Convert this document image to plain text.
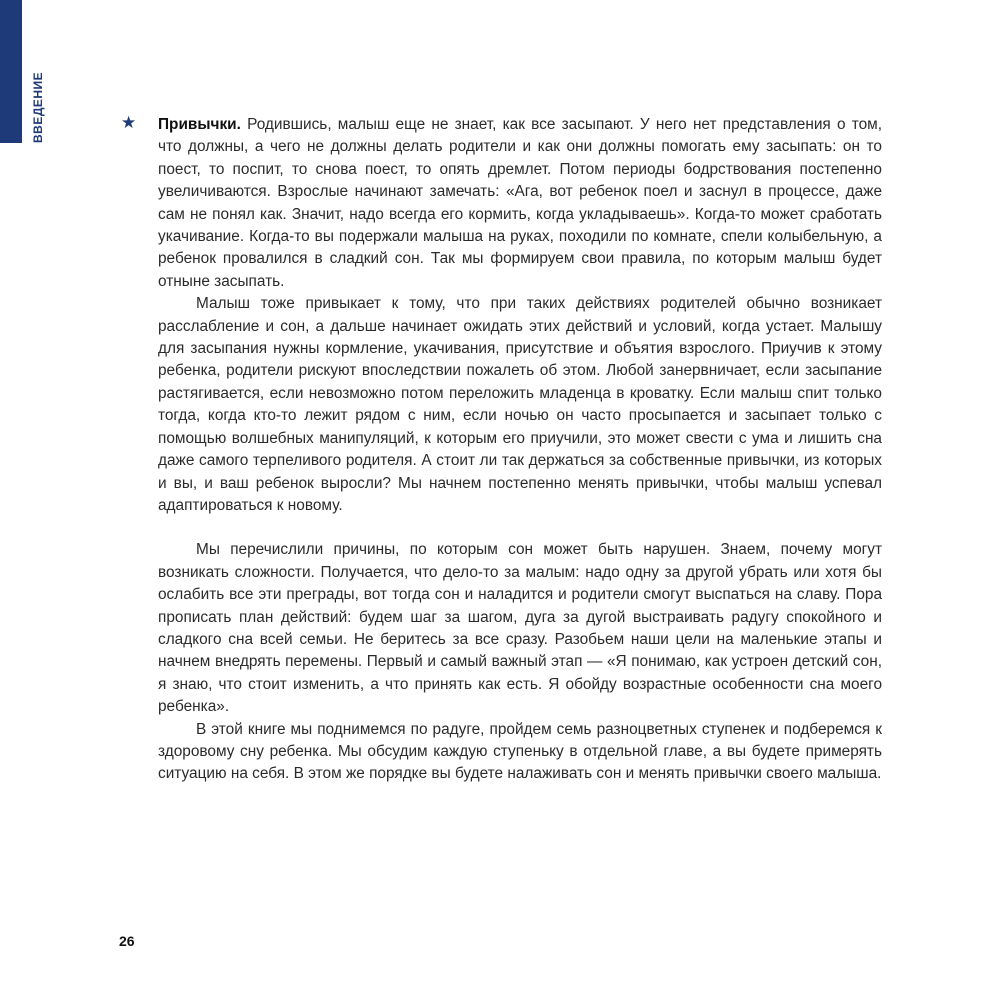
ВВЕДЕНИЕ	★ Привычки. Родившись, малыш еще не знает, как все засыпают. У него нет представления о том, что должны, а чего не должны делать родители и как они должны помогать ему засыпать: он то поест, то поспит, то снова поест, то опять дремлет. Потом периоды бодрствования постепенно увеличиваются. Взрослые начинают замечать: «Ага, вот ребенок поел и заснул в процессе, даже сам не понял как. Значит, надо всегда его кормить, когда укладываешь». Когда-то может сработать укачивание. Когда-то вы подержали малыша на руках, походили по комнате, спели колыбельную, а ребенок провалился в сладкий сон. Так мы формируем свои правила, по которым малыш будет отныне засыпать.

Малыш тоже привыкает к тому, что при таких действиях родителей обычно возникает расслабление и сон, а дальше начинает ожидать этих действий и условий, когда устает. Малышу для засыпания нужны кормление, укачивания, присутствие и объятия взрослого. Приучив к этому ребенка, родители рискуют впоследствии пожалеть об этом. Любой занервничает, если засыпание растягивается, если невозможно потом переложить младенца в кроватку. Если малыш спит только тогда, когда кто-то лежит рядом с ним, если ночью он часто просыпается и засыпает только с помощью волшебных манипуляций, к которым его приучили, это может свести с ума и лишить сна даже самого терпеливого родителя. А стоит ли так держаться за собственные привычки, из которых и вы, и ваш ребенок выросли? Мы начнем постепенно менять привычки, чтобы малыш успевал адаптироваться к новому.

Мы перечислили причины, по которым сон может быть нарушен. Знаем, почему могут возникать сложности. Получается, что дело-то за малым: надо одну за другой убрать или хотя бы ослабить все эти преграды, вот тогда сон и наладится и родители смогут выспаться на славу. Пора прописать план действий: будем шаг за шагом, дуга за дугой выстраивать радугу спокойного и сладкого сна всей семьи. Не беритесь за все сразу. Разобьем наши цели на маленькие этапы и начнем внедрять перемены. Первый и самый важный этап — «Я понимаю, как устроен детский сон, я знаю, что стоит изменить, а что принять как есть. Я обойду возрастные особенности сна моего ребенка».

В этой книге мы поднимемся по радуге, пройдем семь разноцветных ступенек и подберемся к здоровому сну ребенка. Мы обсудим каждую ступеньку в отдельной главе, а вы будете примерять ситуацию на себя. В этом же порядке вы будете налаживать сон и менять привычки своего малыша.

26
